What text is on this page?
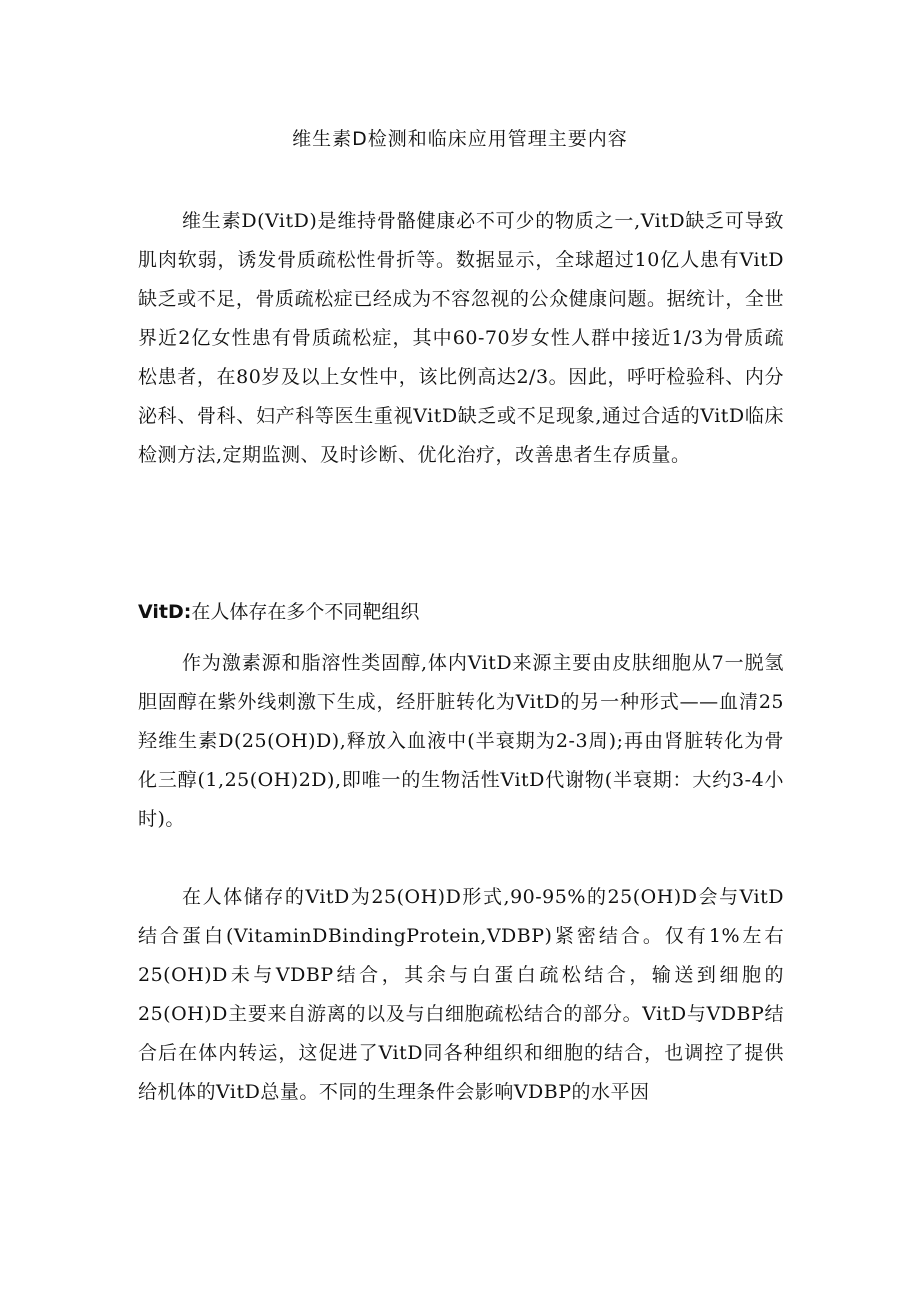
维生素D检测和临床应用管理主要内容

维生素D(VitD)是维持骨骼健康必不可少的物质之一,VitD缺乏可导致肌肉软弱，诱发骨质疏松性骨折等。数据显示，全球超过10亿人患有VitD缺乏或不足，骨质疏松症已经成为不容忽视的公众健康问题。据统计，全世界近2亿女性患有骨质疏松症，其中60-70岁女性人群中接近1/3为骨质疏松患者，在80岁及以上女性中，该比例高达2/3。因此，呼吁检验科、内分泌科、骨科、妇产科等医生重视VitD缺乏或不足现象,通过合适的VitD临床检测方法,定期监测、及时诊断、优化治疗，改善患者生存质量。

VitD:在人体存在多个不同靶组织

作为激素源和脂溶性类固醇,体内VitD来源主要由皮肤细胞从7一脱氢胆固醇在紫外线刺激下生成，经肝脏转化为VitD的另一种形式——血清25羟维生素D(25(OH)D),释放入血液中(半衰期为2-3周);再由肾脏转化为骨化三醇(1,25(OH)2D),即唯一的生物活性VitD代谢物(半衰期：大约3-4小时)。

在人体储存的VitD为25(OH)D形式,90-95%的25(OH)D会与VitD结合蛋白(VitaminDBindingProtein,VDBP)紧密结合。仅有1%左右25(OH)D未与VDBP结合，其余与白蛋白疏松结合，输送到细胞的25(OH)D主要来自游离的以及与白细胞疏松结合的部分。VitD与VDBP结合后在体内转运，这促进了VitD同各种组织和细胞的结合，也调控了提供给机体的VitD总量。不同的生理条件会影响VDBP的水平因
